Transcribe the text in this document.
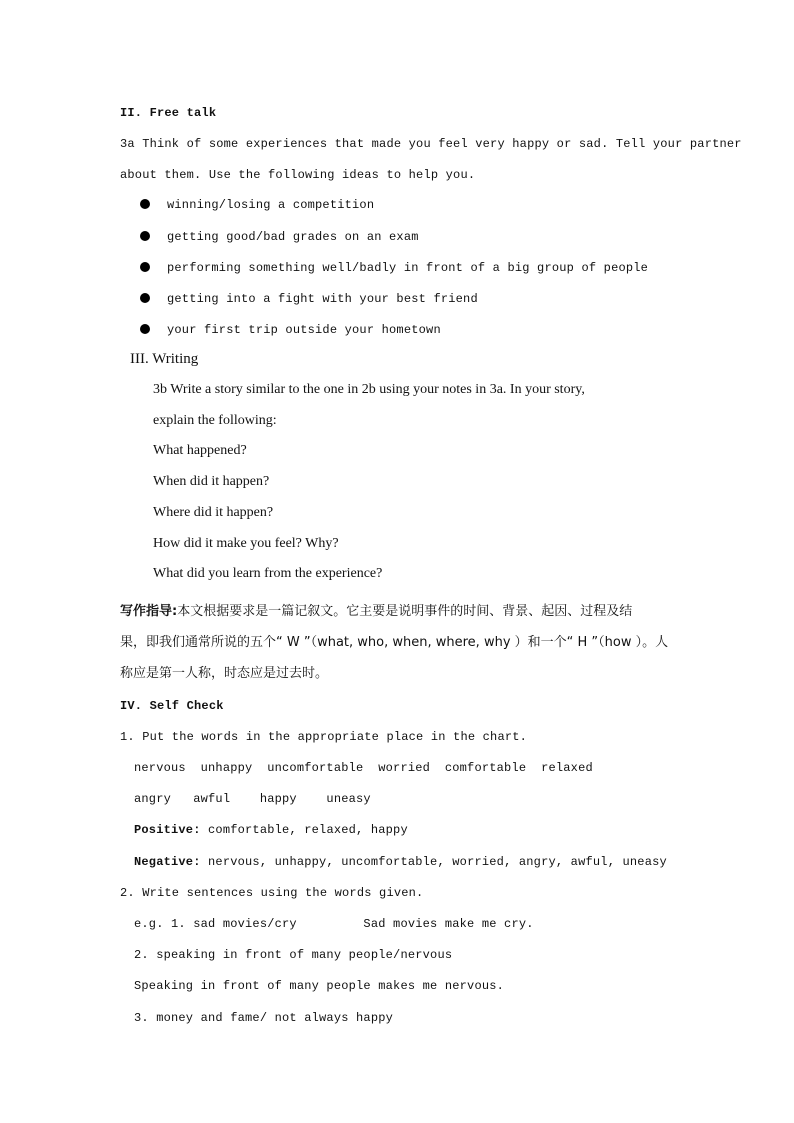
II. Free talk
3a Think of some experiences that made you feel very happy or sad. Tell your partner
about them. Use the following ideas to help you.
winning/losing a competition
getting good/bad grades on an exam
performing something well/badly in front of a big group of people
getting into a fight with your best friend
your first trip outside your hometown
III. Writing
3b Write a story similar to the one in 2b using your notes in 3a. In your story,
explain the following:
What happened?
When did it happen?
Where did it happen?
How did it make you feel? Why?
What did you learn from the experience?
写作指导:本文根据要求是一篇记叙文。它主要是说明事件的时间、背景、起因、过程及结
果，即我们通常所说的五个“ W ”（what, who, when, where, why ）和一个“ H ”（how ）。人
称应是第一人称，时态应是过去时。
IV. Self Check
1. Put the words in the appropriate place in the chart.
nervous  unhappy  uncomfortable  worried  comfortable  relaxed
angry   awful    happy    uneasy
Positive: comfortable, relaxed, happy
Negative: nervous, unhappy, uncomfortable, worried, angry, awful, uneasy
2. Write sentences using the words given.
e.g. 1. sad movies/cry         Sad movies make me cry.
2. speaking in front of many people/nervous
Speaking in front of many people makes me nervous.
3. money and fame/ not always happy
